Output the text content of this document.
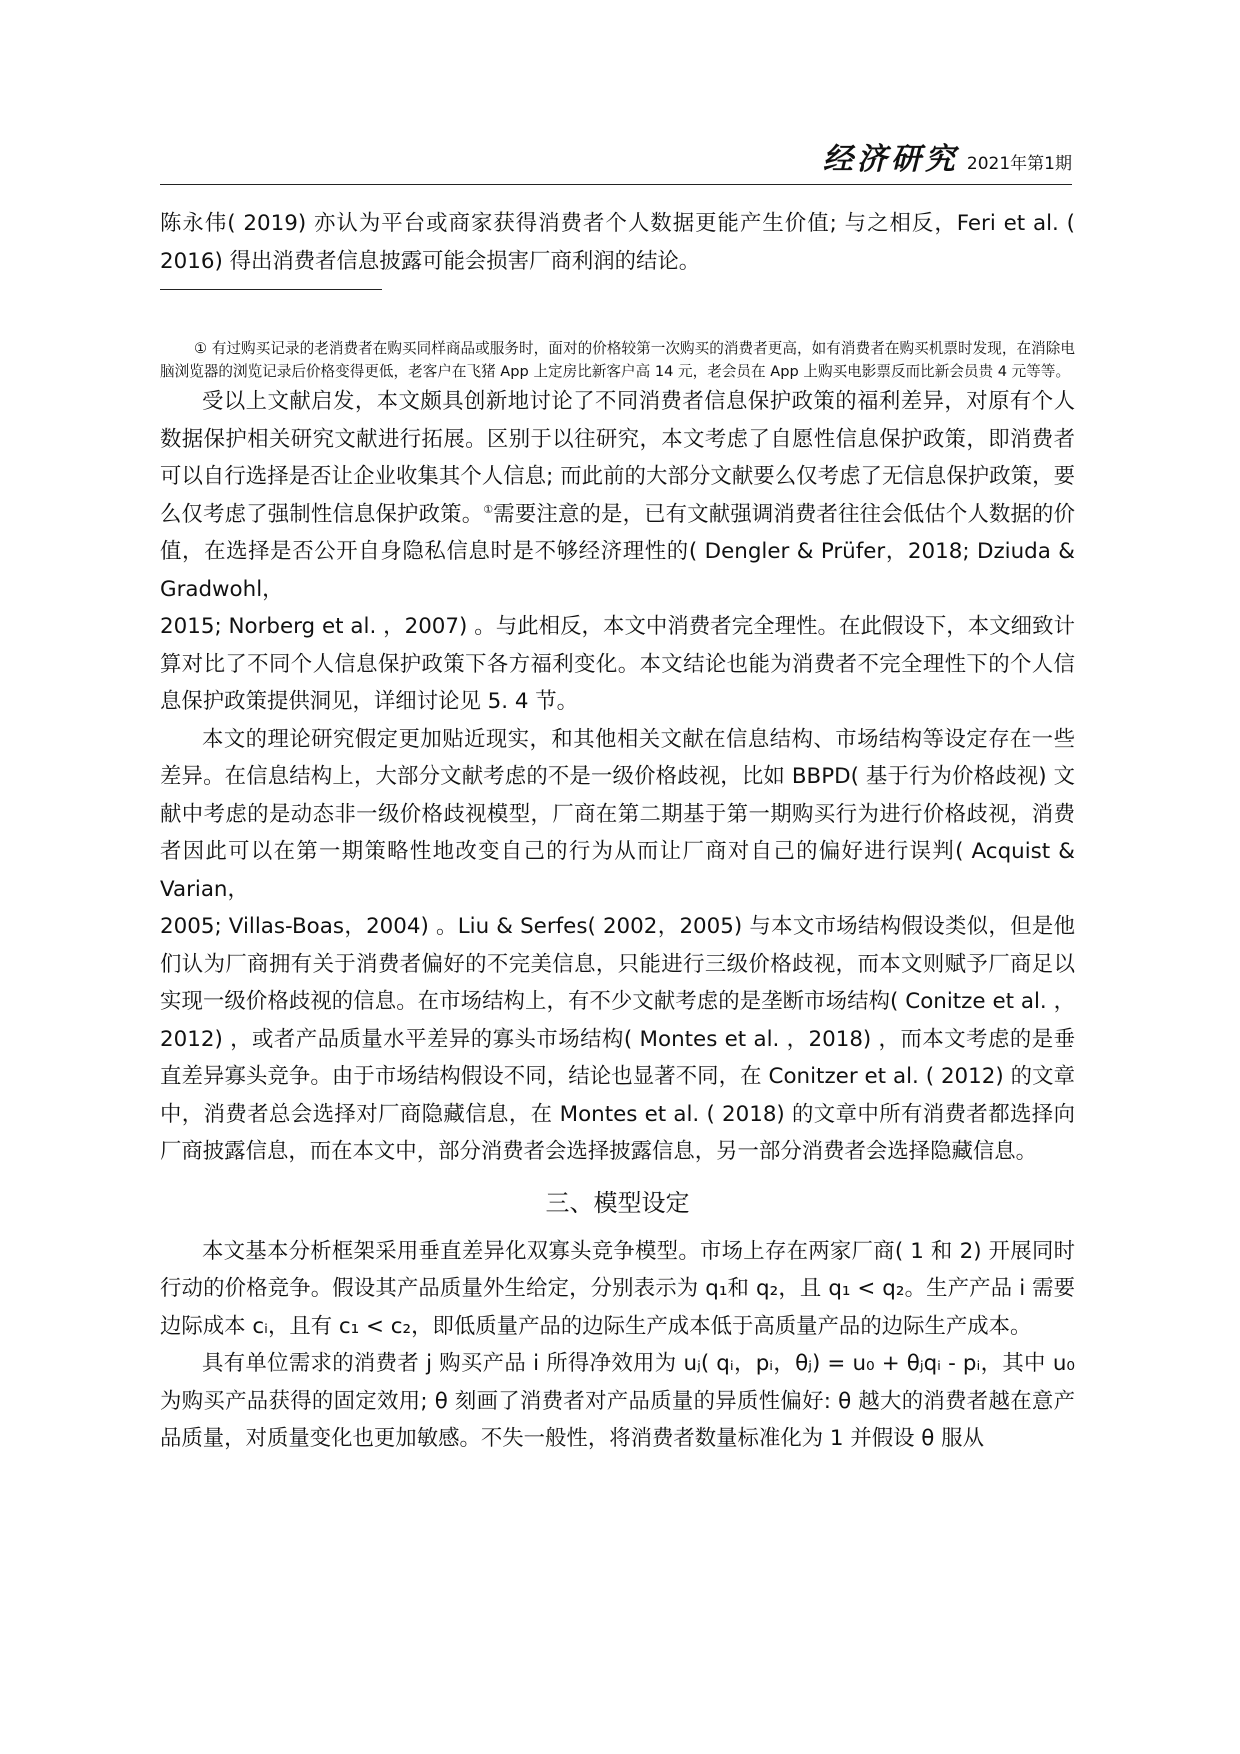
经济研究 2021年第1期

陈永伟( 2019) 亦认为平台或商家获得消费者个人数据更能产生价值; 与之相反，Feri et al. ( 2016) 得出消费者信息披露可能会损害厂商利润的结论。

① 有过购买记录的老消费者在购买同样商品或服务时，面对的价格较第一次购买的消费者更高，如有消费者在购买机票时发现，在消除电脑浏览器的浏览记录后价格变得更低，老客户在飞猪 App 上定房比新客户高 14 元，老会员在 App 上购买电影票反而比新会员贵 4 元等等。

受以上文献启发，本文颇具创新地讨论了不同消费者信息保护政策的福利差异，对原有个人数据保护相关研究文献进行拓展。区别于以往研究，本文考虑了自愿性信息保护政策，即消费者可以自行选择是否让企业收集其个人信息; 而此前的大部分文献要么仅考虑了无信息保护政策，要么仅考虑了强制性信息保护政策。①需要注意的是，已有文献强调消费者往往会低估个人数据的价值，在选择是否公开自身隐私信息时是不够经济理性的( Dengler & Prüfer，2018; Dziuda & Gradwohl，

2015; Norberg et al. ，2007) 。与此相反，本文中消费者完全理性。在此假设下，本文细致计算对比了不同个人信息保护政策下各方福利变化。本文结论也能为消费者不完全理性下的个人信息保护政策提供洞见，详细讨论见 5. 4 节。

本文的理论研究假定更加贴近现实，和其他相关文献在信息结构、市场结构等设定存在一些差异。在信息结构上，大部分文献考虑的不是一级价格歧视，比如 BBPD( 基于行为价格歧视) 文献中考虑的是动态非一级价格歧视模型，厂商在第二期基于第一期购买行为进行价格歧视，消费者因此可以在第一期策略性地改变自己的行为从而让厂商对自己的偏好进行误判( Acquist & Varian，

2005; Villas-Boas，2004) 。Liu & Serfes( 2002，2005) 与本文市场结构假设类似，但是他们认为厂商拥有关于消费者偏好的不完美信息，只能进行三级价格歧视，而本文则赋予厂商足以实现一级价格歧视的信息。在市场结构上，有不少文献考虑的是垄断市场结构( Conitze et al. ，2012) ，或者产品质量水平差异的寡头市场结构( Montes et al. ，2018) ，而本文考虑的是垂直差异寡头竞争。由于市场结构假设不同，结论也显著不同，在 Conitzer et al. ( 2012) 的文章中，消费者总会选择对厂商隐藏信息，在 Montes et al. ( 2018) 的文章中所有消费者都选择向厂商披露信息，而在本文中，部分消费者会选择披露信息，另一部分消费者会选择隐藏信息。

三、模型设定

本文基本分析框架采用垂直差异化双寡头竞争模型。市场上存在两家厂商( 1 和 2) 开展同时行动的价格竞争。假设其产品质量外生给定，分别表示为 q₁和 q₂，且 q₁ < q₂。生产产品 i 需要边际成本 cᵢ，且有 c₁ < c₂，即低质量产品的边际生产成本低于高质量产品的边际生产成本。

具有单位需求的消费者 j 购买产品 i 所得净效用为 uⱼ( qᵢ，pᵢ，θⱼ) = u₀ + θⱼqᵢ - pᵢ，其中 u₀ 为购买产品获得的固定效用; θ 刻画了消费者对产品质量的异质性偏好: θ 越大的消费者越在意产品质量，对质量变化也更加敏感。不失一般性，将消费者数量标准化为 1 并假设 θ 服从
